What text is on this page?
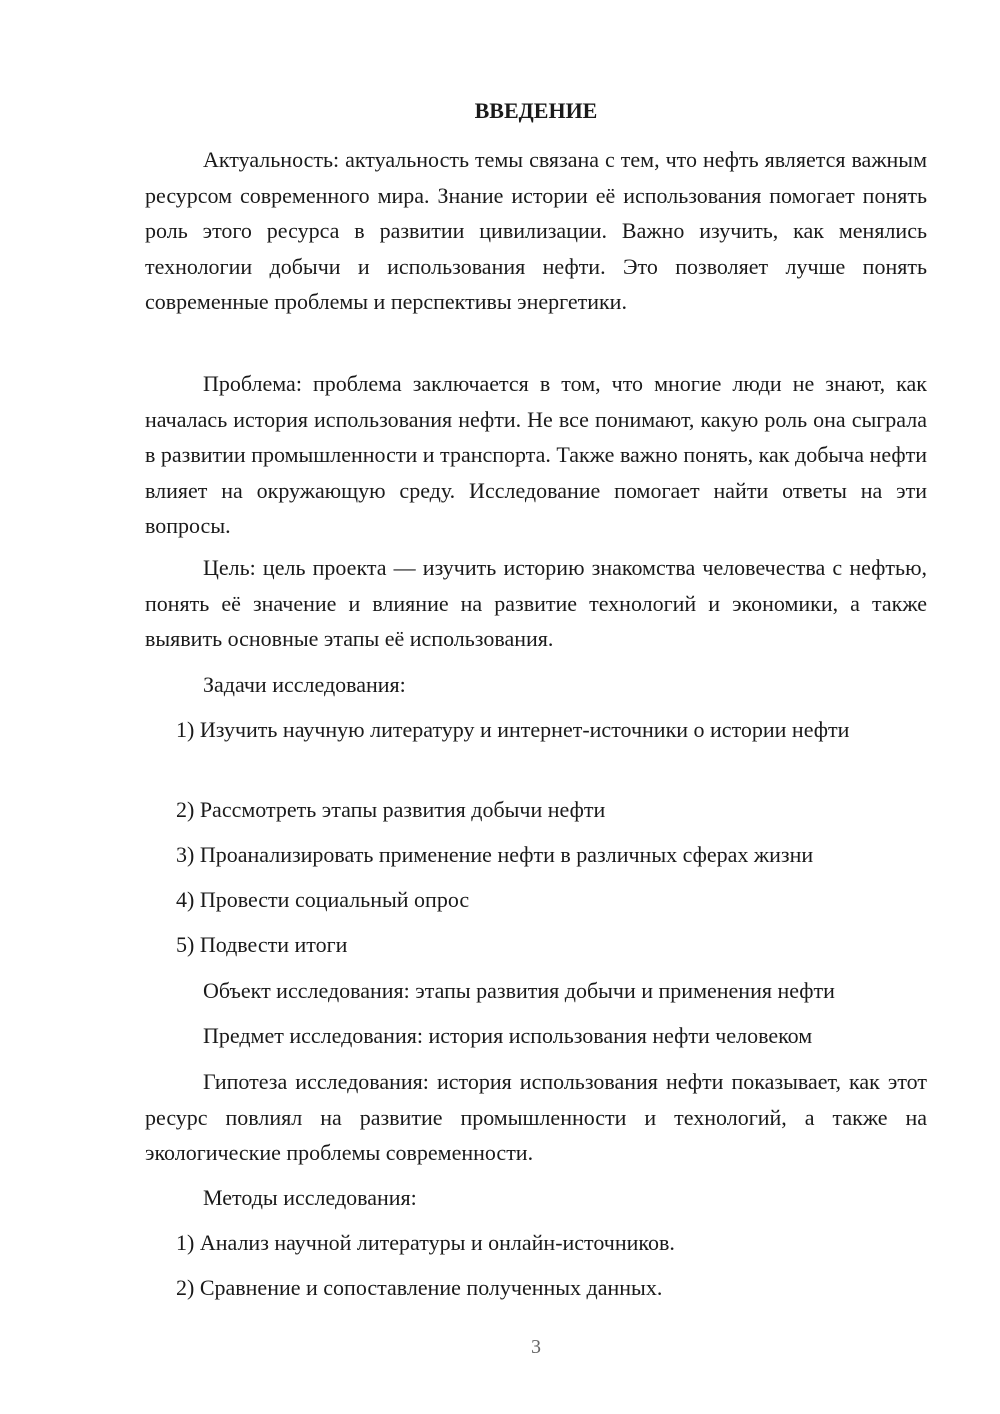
ВВЕДЕНИЕ

Актуальность: актуальность темы связана с тем, что нефть является важным ресурсом современного мира. Знание истории её использования помогает понять роль этого ресурса в развитии цивилизации. Важно изучить, как менялись технологии добычи и использования нефти. Это позволяет лучше понять современные проблемы и перспективы энергетики.

Проблема: проблема заключается в том, что многие люди не знают, как началась история использования нефти. Не все понимают, какую роль она сыграла в развитии промышленности и транспорта. Также важно понять, как добыча нефти влияет на окружающую среду. Исследование помогает найти ответы на эти вопросы.

Цель: цель проекта — изучить историю знакомства человечества с нефтью, понять её значение и влияние на развитие технологий и экономики, а также выявить основные этапы её использования.

Задачи исследования:

1) Изучить научную литературу и интернет-источники о истории нефти

2) Рассмотреть этапы развития добычи нефти

3) Проанализировать применение нефти в различных сферах жизни

4) Провести социальный опрос

5) Подвести итоги

Объект исследования: этапы развития добычи и применения нефти

Предмет исследования: история использования нефти человеком

Гипотеза исследования: история использования нефти показывает, как этот ресурс повлиял на развитие промышленности и технологий, а также на экологические проблемы современности.

Методы исследования:

1) Анализ научной литературы и онлайн-источников.

2) Сравнение и сопоставление полученных данных.

3
